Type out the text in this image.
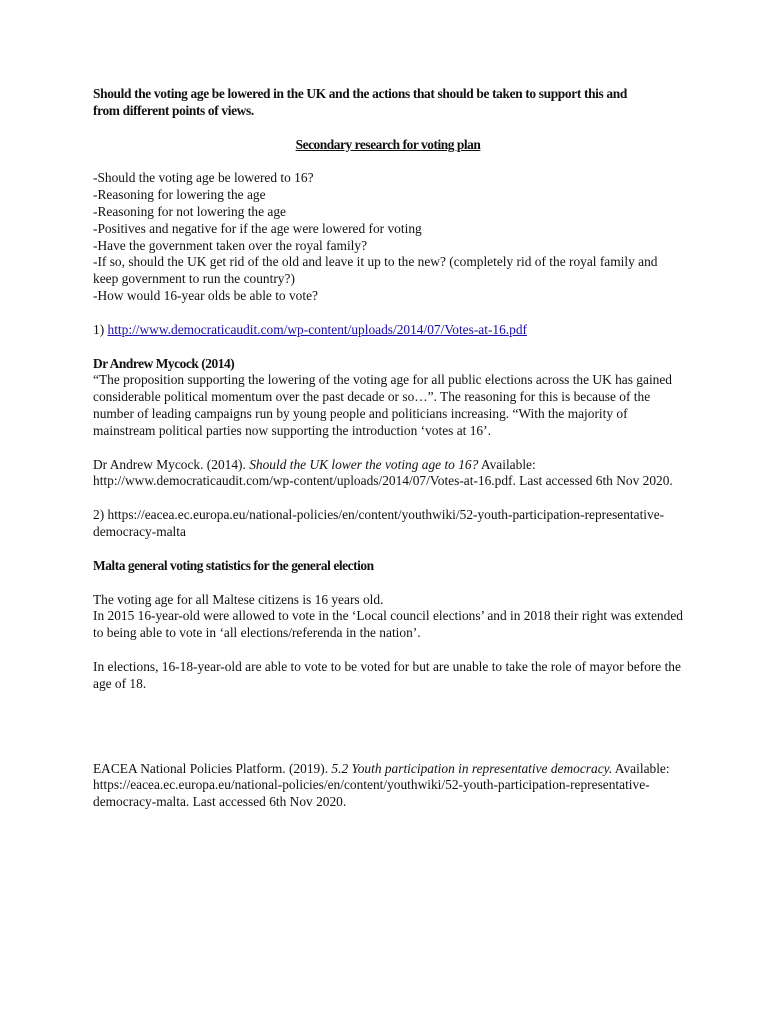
Should the voting age be lowered in the UK and the actions that should be taken to support this and
from different points of views.

Secondary research for voting plan

-Should the voting age be lowered to 16?

-Reasoning for lowering the age

-Reasoning for not lowering the age

-Positives and negative for if the age were lowered for voting

-Have the government taken over the royal family?

-If so, should the UK get rid of the old and leave it up to the new? (completely rid of the royal family and keep government to run the country?)

-How would 16-year olds be able to vote?

1) http://www.democraticaudit.com/wp-content/uploads/2014/07/Votes-at-16.pdf

Dr Andrew Mycock (2014)

“The proposition supporting the lowering of the voting age for all public elections across the UK has gained considerable political momentum over the past decade or so…”. The reasoning for this is because of the number of leading campaigns run by young people and politicians increasing. “With the majority of mainstream political parties now supporting the introduction ‘votes at 16’.

Dr Andrew Mycock. (2014). Should the UK lower the voting age to 16? Available: http://www.democraticaudit.com/wp-content/uploads/2014/07/Votes-at-16.pdf. Last accessed 6th Nov 2020.

2) https://eacea.ec.europa.eu/national-policies/en/content/youthwiki/52-youth-participation-representative-democracy-malta

Malta general voting statistics for the general election

The voting age for all Maltese citizens is 16 years old.
In 2015 16-year-old were allowed to vote in the ‘Local council elections’ and in 2018 their right was extended to being able to vote in ‘all elections/referenda in the nation’.

In elections, 16-18-year-old are able to vote to be voted for but are unable to take the role of mayor before the age of 18.

EACEA National Policies Platform. (2019). 5.2 Youth participation in representative democracy. Available: https://eacea.ec.europa.eu/national-policies/en/content/youthwiki/52-youth-participation-representative-democracy-malta. Last accessed 6th Nov 2020.
